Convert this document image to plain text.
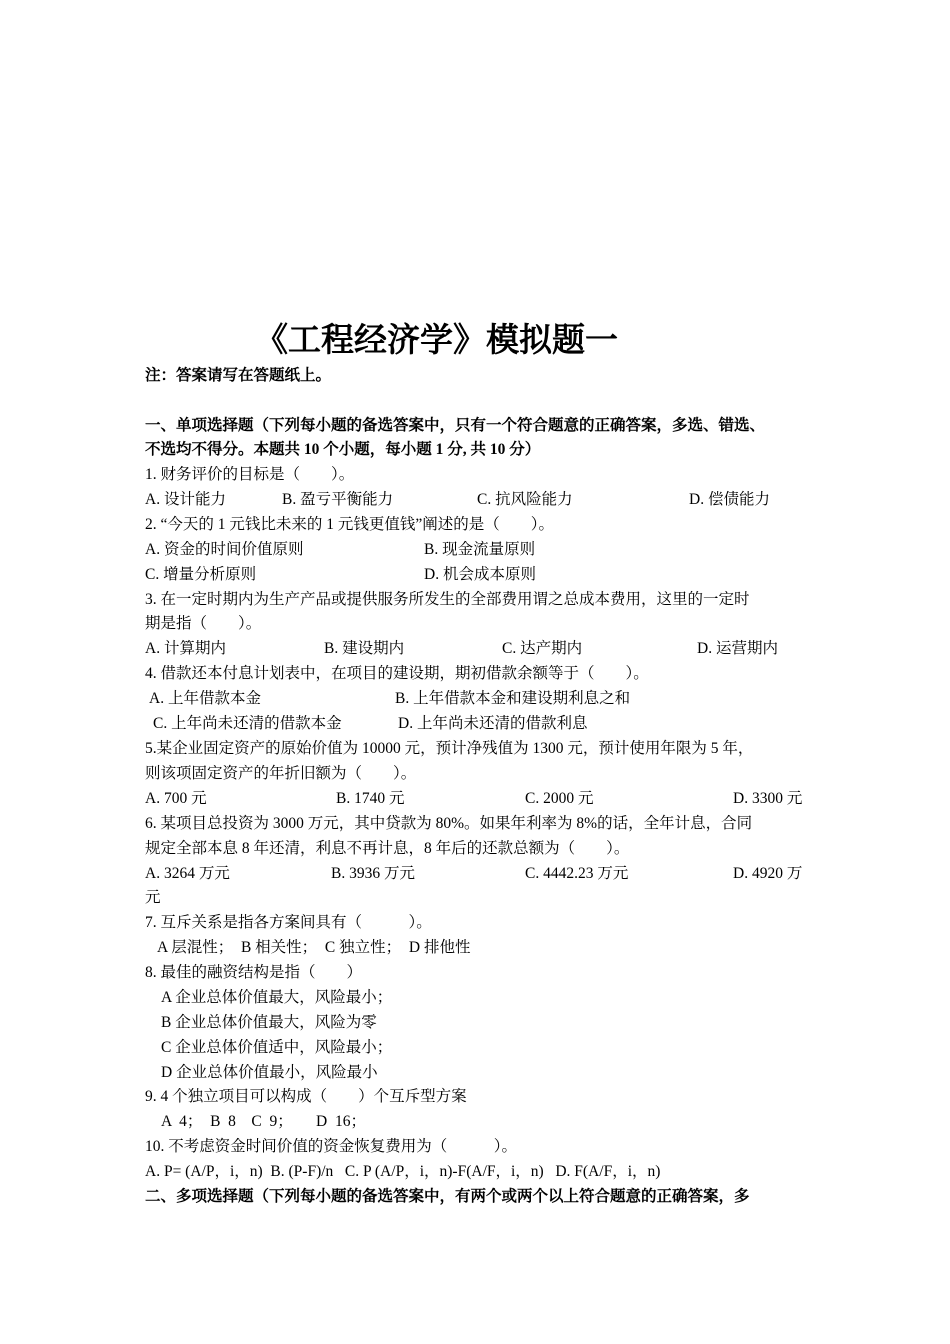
《工程经济学》模拟题一
注：答案请写在答题纸上。
一、单项选择题（下列每小题的备选答案中，只有一个符合题意的正确答案，多选、错选、
不选均不得分。本题共 10 个小题，每小题 1 分, 共 10 分）
1. 财务评价的目标是（　　）。
A. 设计能力	B. 盈亏平衡能力	C. 抗风险能力	D. 偿债能力
2. “今天的 1 元钱比未来的 1 元钱更值钱”阐述的是（　　）。
A. 资金的时间价值原则	B. 现金流量原则
C. 增量分析原则	D. 机会成本原则
3. 在一定时期内为生产产品或提供服务所发生的全部费用谓之总成本费用，这里的一定时
期是指（　　）。
A. 计算期内	B. 建设期内	C. 达产期内	D. 运营期内
4. 借款还本付息计划表中，在项目的建设期，期初借款余额等于（　　）。
A. 上年借款本金	B. 上年借款本金和建设期利息之和
C. 上年尚未还清的借款本金	D. 上年尚未还清的借款利息
5.某企业固定资产的原始价值为 10000 元，预计净残值为 1300 元，预计使用年限为 5 年，
则该项固定资产的年折旧额为（　　）。
A. 700 元	B. 1740 元	C. 2000 元	D. 3300 元
6. 某项目总投资为 3000 万元，其中贷款为 80%。如果年利率为 8%的话，全年计息，合同
规定全部本息 8 年还清，利息不再计息，8 年后的还款总额为（　　）。
A. 3264 万元	B. 3936 万元	C. 4442.23 万元	D. 4920 万
元
7. 互斥关系是指各方案间具有（　　　）。
A 层混性；　B 相关性；　C 独立性；　D 排他性
8. 最佳的融资结构是指（　　）
A 企业总体价值最大，风险最小；
B 企业总体价值最大，风险为零
C 企业总体价值适中，风险最小；
D 企业总体价值最小，风险最小
9. 4 个独立项目可以构成（　　）个互斥型方案
A  4；　B  8　C  9；　　D  16；
10. 不考虑资金时间价值的资金恢复费用为（　　　）。
A. P= (A/P，i，n)  B. (P-F)/n   C. P (A/P，i，n)-F(A/F，i，n)   D. F(A/F，i，n)
二、多项选择题（下列每小题的备选答案中，有两个或两个以上符合题意的正确答案，多
